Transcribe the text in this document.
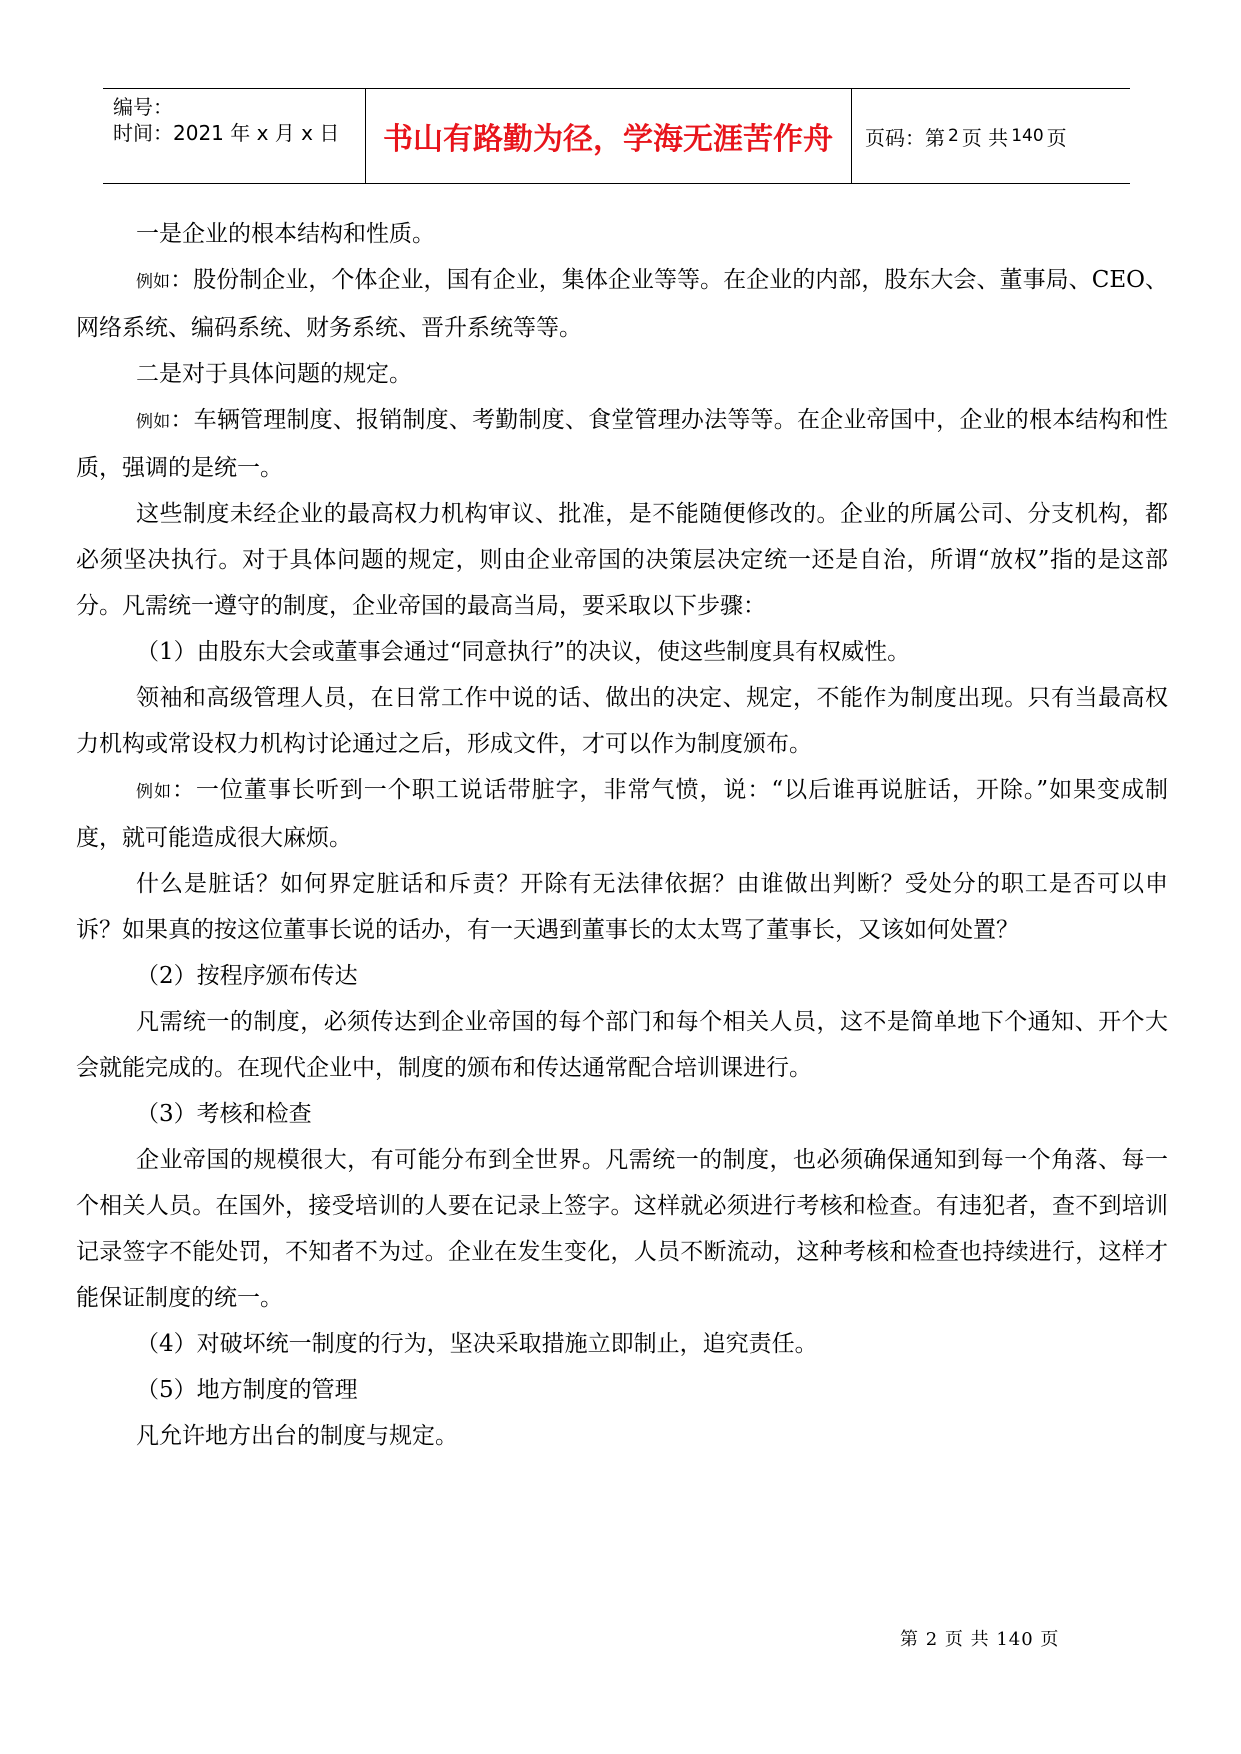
编号：
时间：2021 年 x 月 x 日	书山有路勤为径，学海无涯苦作舟	页码：第 2 页 共 140 页

一是企业的根本结构和性质。

例如：股份制企业，个体企业，国有企业，集体企业等等。在企业的内部，股东大会、董事局、CEO、网络系统、编码系统、财务系统、晋升系统等等。

二是对于具体问题的规定。

例如：车辆管理制度、报销制度、考勤制度、食堂管理办法等等。在企业帝国中，企业的根本结构和性质，强调的是统一。

这些制度未经企业的最高权力机构审议、批准，是不能随便修改的。企业的所属公司、分支机构，都必须坚决执行。对于具体问题的规定，则由企业帝国的决策层决定统一还是自治，所谓“放权”指的是这部分。凡需统一遵守的制度，企业帝国的最高当局，要采取以下步骤：

（1）由股东大会或董事会通过“同意执行”的决议，使这些制度具有权威性。

领袖和高级管理人员，在日常工作中说的话、做出的决定、规定，不能作为制度出现。只有当最高权力机构或常设权力机构讨论通过之后，形成文件，才可以作为制度颁布。

例如：一位董事长听到一个职工说话带脏字，非常气愤，说：“以后谁再说脏话，开除。”如果变成制度，就可能造成很大麻烦。

什么是脏话？如何界定脏话和斥责？开除有无法律依据？由谁做出判断？受处分的职工是否可以申诉？如果真的按这位董事长说的话办，有一天遇到董事长的太太骂了董事长，又该如何处置？

（2）按程序颁布传达

凡需统一的制度，必须传达到企业帝国的每个部门和每个相关人员，这不是简单地下个通知、开个大会就能完成的。在现代企业中，制度的颁布和传达通常配合培训课进行。

（3）考核和检查

企业帝国的规模很大，有可能分布到全世界。凡需统一的制度，也必须确保通知到每一个角落、每一个相关人员。在国外，接受培训的人要在记录上签字。这样就必须进行考核和检查。有违犯者，查不到培训记录签字不能处罚，不知者不为过。企业在发生变化，人员不断流动，这种考核和检查也持续进行，这样才能保证制度的统一。

（4）对破坏统一制度的行为，坚决采取措施立即制止，追究责任。

（5）地方制度的管理

凡允许地方出台的制度与规定。

第 2 页 共 140 页
